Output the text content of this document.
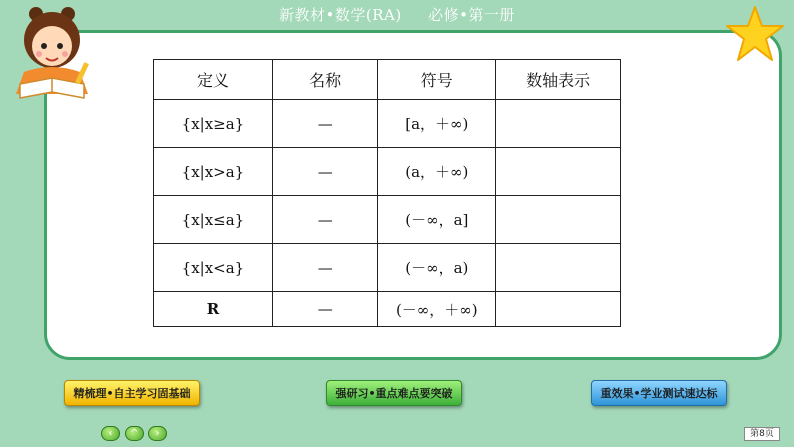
新教材•数学(RA) 必修•第一册
定义	名称	符号	数轴表示
{x|x≥a}	—	[a，＋∞)	
{x|x>a}	—	(a，＋∞)	
{x|x≤a}	—	(－∞，a]	
{x|x<a}	—	(－∞，a)	
R	—	(－∞，＋∞)	
精梳理•自主学习固基础	强研习•重点难点要突破	重效果•学业测试速达标
‹	^	›	第8页
